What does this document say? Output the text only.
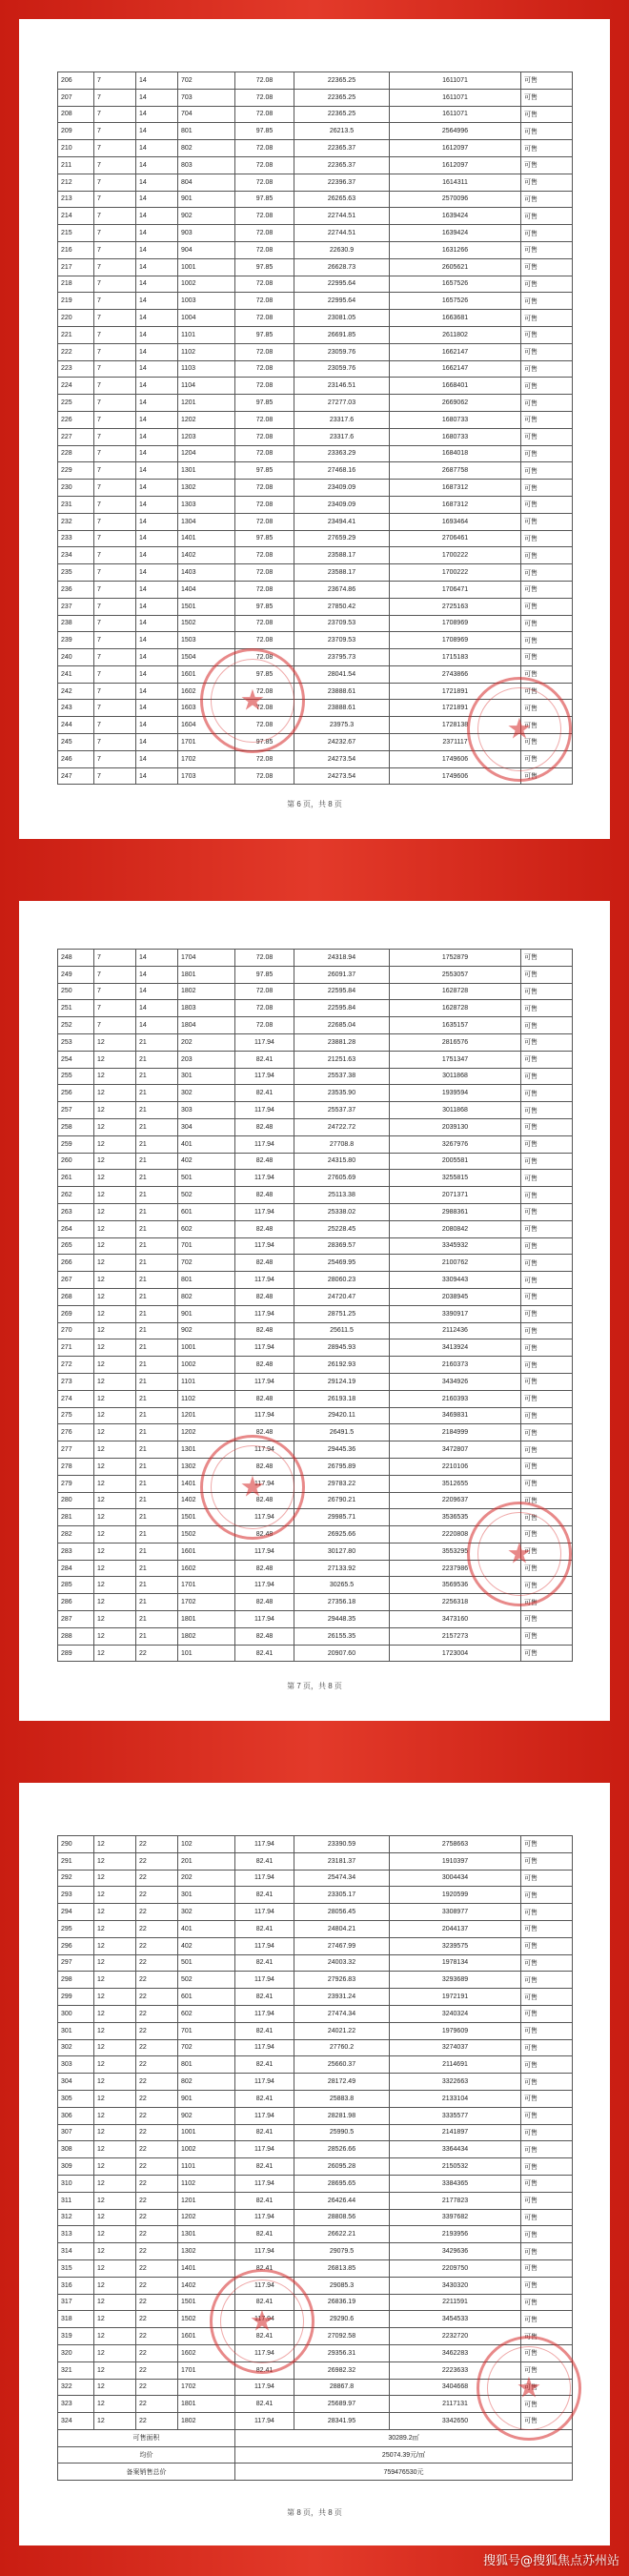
206	7	14	702	72.08	22365.25	1611071	可售
207	7	14	703	72.08	22365.25	1611071	可售
208	7	14	704	72.08	22365.25	1611071	可售
209	7	14	801	97.85	26213.5	2564996	可售
210	7	14	802	72.08	22365.37	1612097	可售
211	7	14	803	72.08	22365.37	1612097	可售
212	7	14	804	72.08	22396.37	1614311	可售
213	7	14	901	97.85	26265.63	2570096	可售
214	7	14	902	72.08	22744.51	1639424	可售
215	7	14	903	72.08	22744.51	1639424	可售
216	7	14	904	72.08	22630.9	1631266	可售
217	7	14	1001	97.85	26628.73	2605621	可售
218	7	14	1002	72.08	22995.64	1657526	可售
219	7	14	1003	72.08	22995.64	1657526	可售
220	7	14	1004	72.08	23081.05	1663681	可售
221	7	14	1101	97.85	26691.85	2611802	可售
222	7	14	1102	72.08	23059.76	1662147	可售
223	7	14	1103	72.08	23059.76	1662147	可售
224	7	14	1104	72.08	23146.51	1668401	可售
225	7	14	1201	97.85	27277.03	2669062	可售
226	7	14	1202	72.08	23317.6	1680733	可售
227	7	14	1203	72.08	23317.6	1680733	可售
228	7	14	1204	72.08	23363.29	1684018	可售
229	7	14	1301	97.85	27468.16	2687758	可售
230	7	14	1302	72.08	23409.09	1687312	可售
231	7	14	1303	72.08	23409.09	1687312	可售
232	7	14	1304	72.08	23494.41	1693464	可售
233	7	14	1401	97.85	27659.29	2706461	可售
234	7	14	1402	72.08	23588.17	1700222	可售
235	7	14	1403	72.08	23588.17	1700222	可售
236	7	14	1404	72.08	23674.86	1706471	可售
237	7	14	1501	97.85	27850.42	2725163	可售
238	7	14	1502	72.08	23709.53	1708969	可售
239	7	14	1503	72.08	23709.53	1708969	可售
240	7	14	1504	72.08	23795.73	1715183	可售
241	7	14	1601	97.85	28041.54	2743866	可售
242	7	14	1602	72.08	23888.61	1721891	可售
243	7	14	1603	72.08	23888.61	1721891	可售
244	7	14	1604	72.08	23975.3	1728138	可售
245	7	14	1701	97.85	24232.67	2371117	可售
246	7	14	1702	72.08	24273.54	1749606	可售
247	7	14	1703	72.08	24273.54	1749606	可售
★
★
第 6 页，共 8 页
248	7	14	1704	72.08	24318.94	1752879	可售
249	7	14	1801	97.85	26091.37	2553057	可售
250	7	14	1802	72.08	22595.84	1628728	可售
251	7	14	1803	72.08	22595.84	1628728	可售
252	7	14	1804	72.08	22685.04	1635157	可售
253	12	21	202	117.94	23881.28	2816576	可售
254	12	21	203	82.41	21251.63	1751347	可售
255	12	21	301	117.94	25537.38	3011868	可售
256	12	21	302	82.41	23535.90	1939594	可售
257	12	21	303	117.94	25537.37	3011868	可售
258	12	21	304	82.48	24722.72	2039130	可售
259	12	21	401	117.94	27708.8	3267976	可售
260	12	21	402	82.48	24315.80	2005581	可售
261	12	21	501	117.94	27605.69	3255815	可售
262	12	21	502	82.48	25113.38	2071371	可售
263	12	21	601	117.94	25338.02	2988361	可售
264	12	21	602	82.48	25228.45	2080842	可售
265	12	21	701	117.94	28369.57	3345932	可售
266	12	21	702	82.48	25469.95	2100762	可售
267	12	21	801	117.94	28060.23	3309443	可售
268	12	21	802	82.48	24720.47	2038945	可售
269	12	21	901	117.94	28751.25	3390917	可售
270	12	21	902	82.48	25611.5	2112436	可售
271	12	21	1001	117.94	28945.93	3413924	可售
272	12	21	1002	82.48	26192.93	2160373	可售
273	12	21	1101	117.94	29124.19	3434926	可售
274	12	21	1102	82.48	26193.18	2160393	可售
275	12	21	1201	117.94	29420.11	3469831	可售
276	12	21	1202	82.48	26491.5	2184999	可售
277	12	21	1301	117.94	29445.36	3472807	可售
278	12	21	1302	82.48	26795.89	2210106	可售
279	12	21	1401	117.94	29783.22	3512655	可售
280	12	21	1402	82.48	26790.21	2209637	可售
281	12	21	1501	117.94	29985.71	3536535	可售
282	12	21	1502	82.48	26925.66	2220808	可售
283	12	21	1601	117.94	30127.80	3553295	可售
284	12	21	1602	82.48	27133.92	2237986	可售
285	12	21	1701	117.94	30265.5	3569536	可售
286	12	21	1702	82.48	27356.18	2256318	可售
287	12	21	1801	117.94	29448.35	3473160	可售
288	12	21	1802	82.48	26155.35	2157273	可售
289	12	22	101	82.41	20907.60	1723004	可售
★
★
第 7 页，共 8 页
290	12	22	102	117.94	23390.59	2758663	可售
291	12	22	201	82.41	23181.37	1910397	可售
292	12	22	202	117.94	25474.34	3004434	可售
293	12	22	301	82.41	23305.17	1920599	可售
294	12	22	302	117.94	28056.45	3308977	可售
295	12	22	401	82.41	24804.21	2044137	可售
296	12	22	402	117.94	27467.99	3239575	可售
297	12	22	501	82.41	24003.32	1978134	可售
298	12	22	502	117.94	27926.83	3293689	可售
299	12	22	601	82.41	23931.24	1972191	可售
300	12	22	602	117.94	27474.34	3240324	可售
301	12	22	701	82.41	24021.22	1979609	可售
302	12	22	702	117.94	27760.2	3274037	可售
303	12	22	801	82.41	25660.37	2114691	可售
304	12	22	802	117.94	28172.49	3322663	可售
305	12	22	901	82.41	25883.8	2133104	可售
306	12	22	902	117.94	28281.98	3335577	可售
307	12	22	1001	82.41	25990.5	2141897	可售
308	12	22	1002	117.94	28526.66	3364434	可售
309	12	22	1101	82.41	26095.28	2150532	可售
310	12	22	1102	117.94	28695.65	3384365	可售
311	12	22	1201	82.41	26426.44	2177823	可售
312	12	22	1202	117.94	28808.56	3397682	可售
313	12	22	1301	82.41	26622.21	2193956	可售
314	12	22	1302	117.94	29079.5	3429636	可售
315	12	22	1401	82.41	26813.85	2209750	可售
316	12	22	1402	117.94	29085.3	3430320	可售
317	12	22	1501	82.41	26836.19	2211591	可售
318	12	22	1502	117.94	29290.6	3454533	可售
319	12	22	1601	82.41	27092.58	2232720	可售
320	12	22	1602	117.94	29356.31	3462283	可售
321	12	22	1701	82.41	26982.32	2223633	可售
322	12	22	1702	117.94	28867.8	3404668	可售
323	12	22	1801	82.41	25689.97	2117131	可售
324	12	22	1802	117.94	28341.95	3342650	可售
可售面积				30289.2㎡			
均价				25074.39元/㎡			
备案销售总价				759476530元			
★
★
第 8 页，共 8 页
搜狐号@搜狐焦点苏州站
